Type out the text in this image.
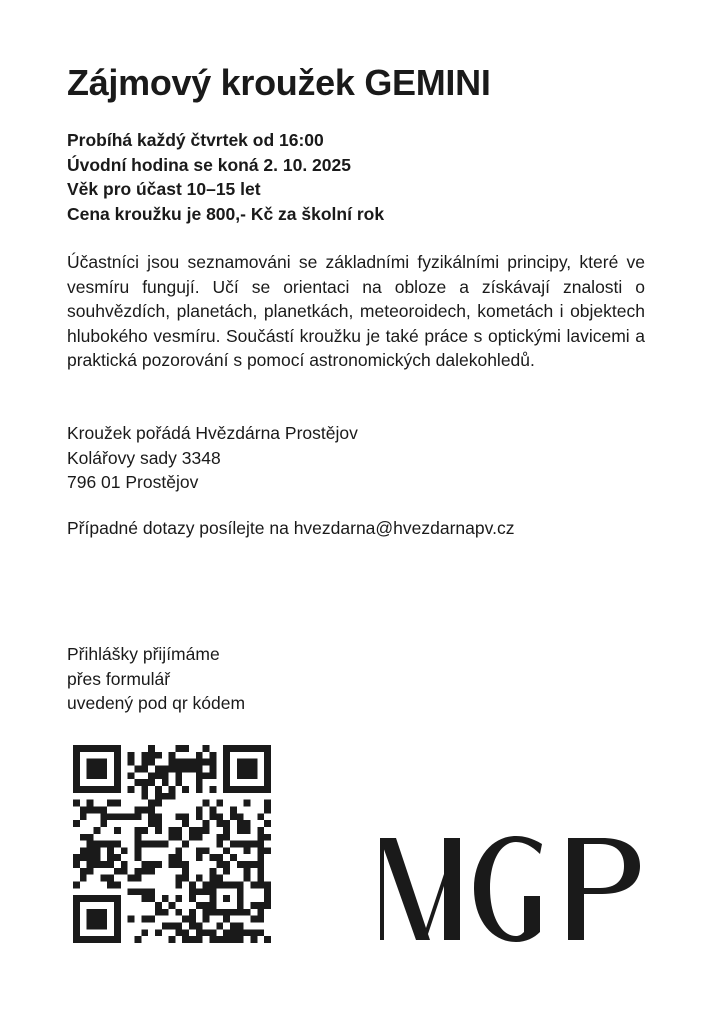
Zájmový kroužek GEMINI
Probíhá každý čtvrtek od 16:00
Úvodní hodina se koná 2. 10. 2025
Věk pro účast 10–15 let
Cena kroužku je 800,- Kč za školní rok

Účastníci jsou seznamováni se základními fyzikálními principy, které ve vesmíru fungují. Učí se orientaci na obloze a získávají znalosti o souhvězdích, planetách, planetkách, meteoroidech, kometách i objektech hlubokého vesmíru. Součástí kroužku je také práce s optickými lavicemi a praktická pozorování s pomocí astronomických dalekohledů.

Kroužek pořádá Hvězdárna Prostějov
Kolářovy sady 3348
796 01 Prostějov
Případné dotazy posílejte na hvezdarna@hvezdarnapv.cz
Přihlášky přijímáme
přes formulář
uvedený pod qr kódem
